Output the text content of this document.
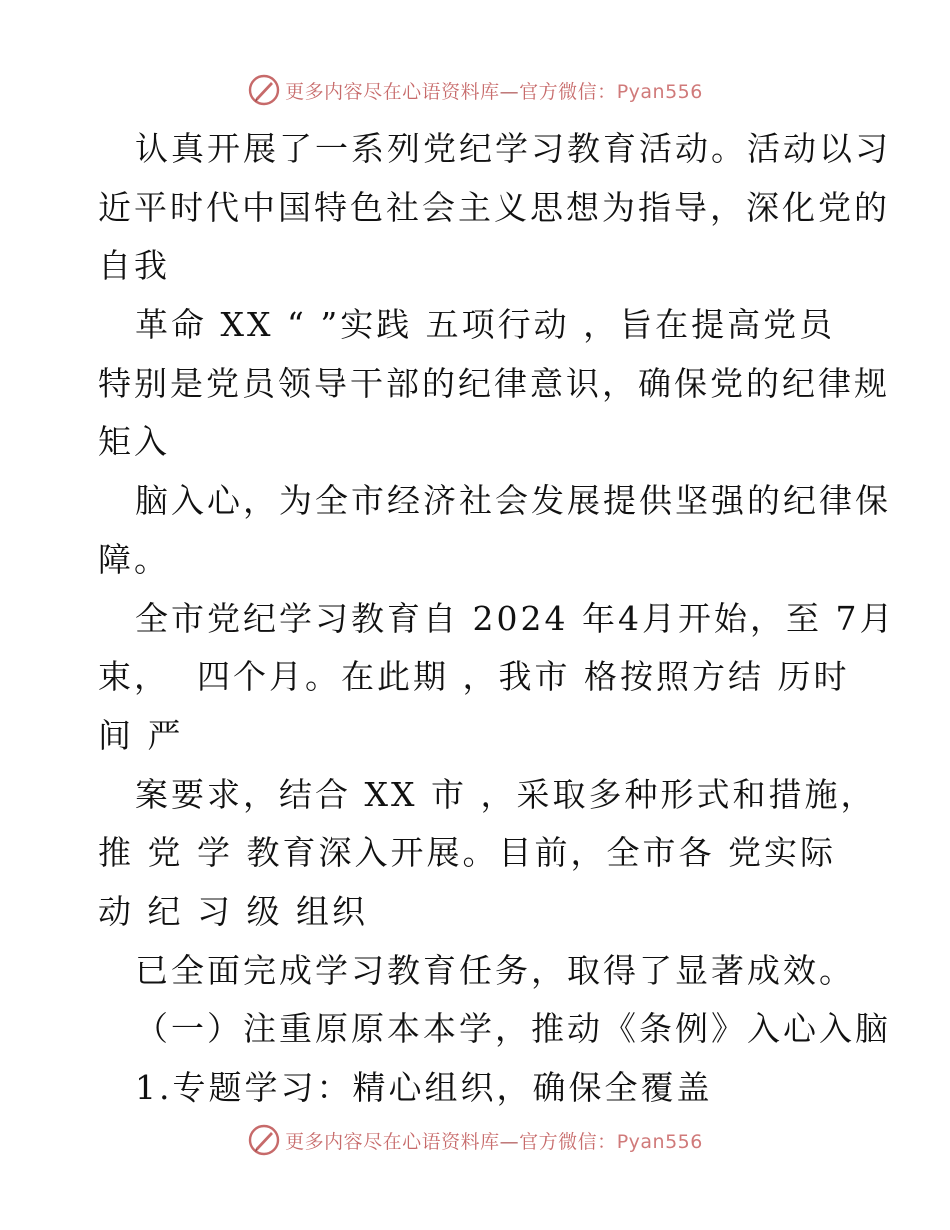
更多内容尽在心语资料库—官方微信：Pyan556
认真开展了一系列党纪学习教育活动。活动以习
近平时代中国特色社会主义思想为指导，深化党的
自我
革命 XX “ ”实践 五项行动 ，旨在提高党员
特别是党员领导干部的纪律意识，确保党的纪律规
矩入
脑入心，为全市经济社会发展提供坚强的纪律保
障。
全市党纪学习教育自 2024 年4月开始，至 7月
束，  四个月。在此期 ，我市 格按照方结 历时
间 严
案要求，结合 XX 市 ，采取多种形式和措施，
推 党 学 教育深入开展。目前，全市各 党实际
动 纪 习 级 组织
已全面完成学习教育任务，取得了显著成效。
（一）注重原原本本学，推动《条例》入心入脑
1.专题学习：精心组织，确保全覆盖
更多内容尽在心语资料库—官方微信：Pyan556
